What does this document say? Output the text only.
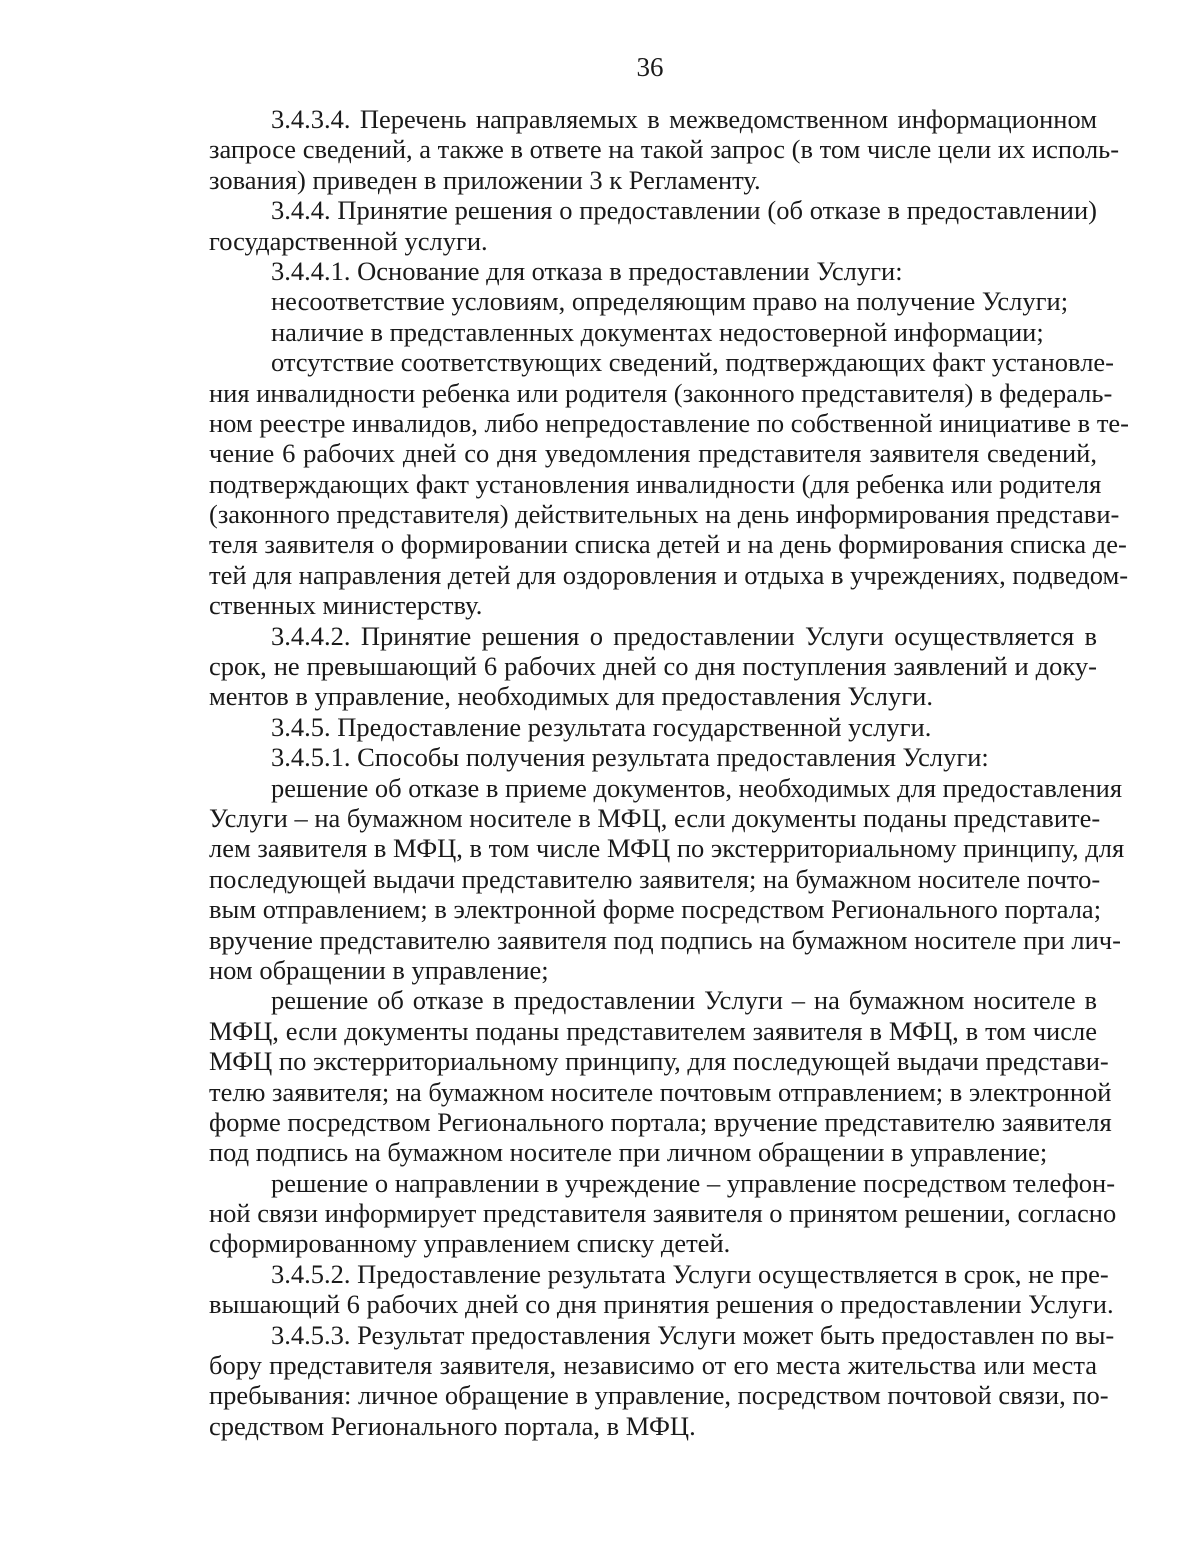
36
3.4.3.4. Перечень направляемых в межведомственном информационном
запросе сведений, а также в ответе на такой запрос (в том числе цели их исполь-
зования) приведен в приложении 3 к Регламенту.
3.4.4. Принятие решения о предоставлении (об отказе в предоставлении)
государственной услуги.
3.4.4.1. Основание для отказа в предоставлении Услуги:
несоответствие условиям, определяющим право на получение Услуги;
наличие в представленных документах недостоверной информации;
отсутствие соответствующих сведений, подтверждающих факт установле-
ния инвалидности ребенка или родителя (законного представителя) в федераль-
ном реестре инвалидов, либо непредоставление по собственной инициативе в те-
чение 6 рабочих дней со дня уведомления представителя заявителя сведений,
подтверждающих факт установления инвалидности (для ребенка или родителя
(законного представителя) действительных на день информирования представи-
теля заявителя о формировании списка детей и на день формирования списка де-
тей для направления детей для оздоровления и отдыха в учреждениях, подведом-
ственных министерству.
3.4.4.2. Принятие решения о предоставлении Услуги осуществляется в
срок, не превышающий 6 рабочих дней со дня поступления заявлений и доку-
ментов в управление, необходимых для предоставления Услуги.
3.4.5. Предоставление результата государственной услуги.
3.4.5.1. Способы получения результата предоставления Услуги:
решение об отказе в приеме документов, необходимых для предоставления
Услуги – на бумажном носителе в МФЦ, если документы поданы представите-
лем заявителя в МФЦ, в том числе МФЦ по экстерриториальному принципу, для
последующей выдачи представителю заявителя; на бумажном носителе почто-
вым отправлением; в электронной форме посредством Регионального портала;
вручение представителю заявителя под подпись на бумажном носителе при лич-
ном обращении в управление;
решение об отказе в предоставлении Услуги – на бумажном носителе в
МФЦ, если документы поданы представителем заявителя в МФЦ, в том числе
МФЦ по экстерриториальному принципу, для последующей выдачи представи-
телю заявителя; на бумажном носителе почтовым отправлением; в электронной
форме посредством Регионального портала; вручение представителю заявителя
под подпись на бумажном носителе при личном обращении в управление;
решение о направлении в учреждение – управление посредством телефон-
ной связи информирует представителя заявителя о принятом решении, согласно
сформированному управлением списку детей.
3.4.5.2. Предоставление результата Услуги осуществляется в срок, не пре-
вышающий 6 рабочих дней со дня принятия решения о предоставлении Услуги.
3.4.5.3. Результат предоставления Услуги может быть предоставлен по вы-
бору представителя заявителя, независимо от его места жительства или места
пребывания: личное обращение в управление, посредством почтовой связи, по-
средством Регионального портала, в МФЦ.
